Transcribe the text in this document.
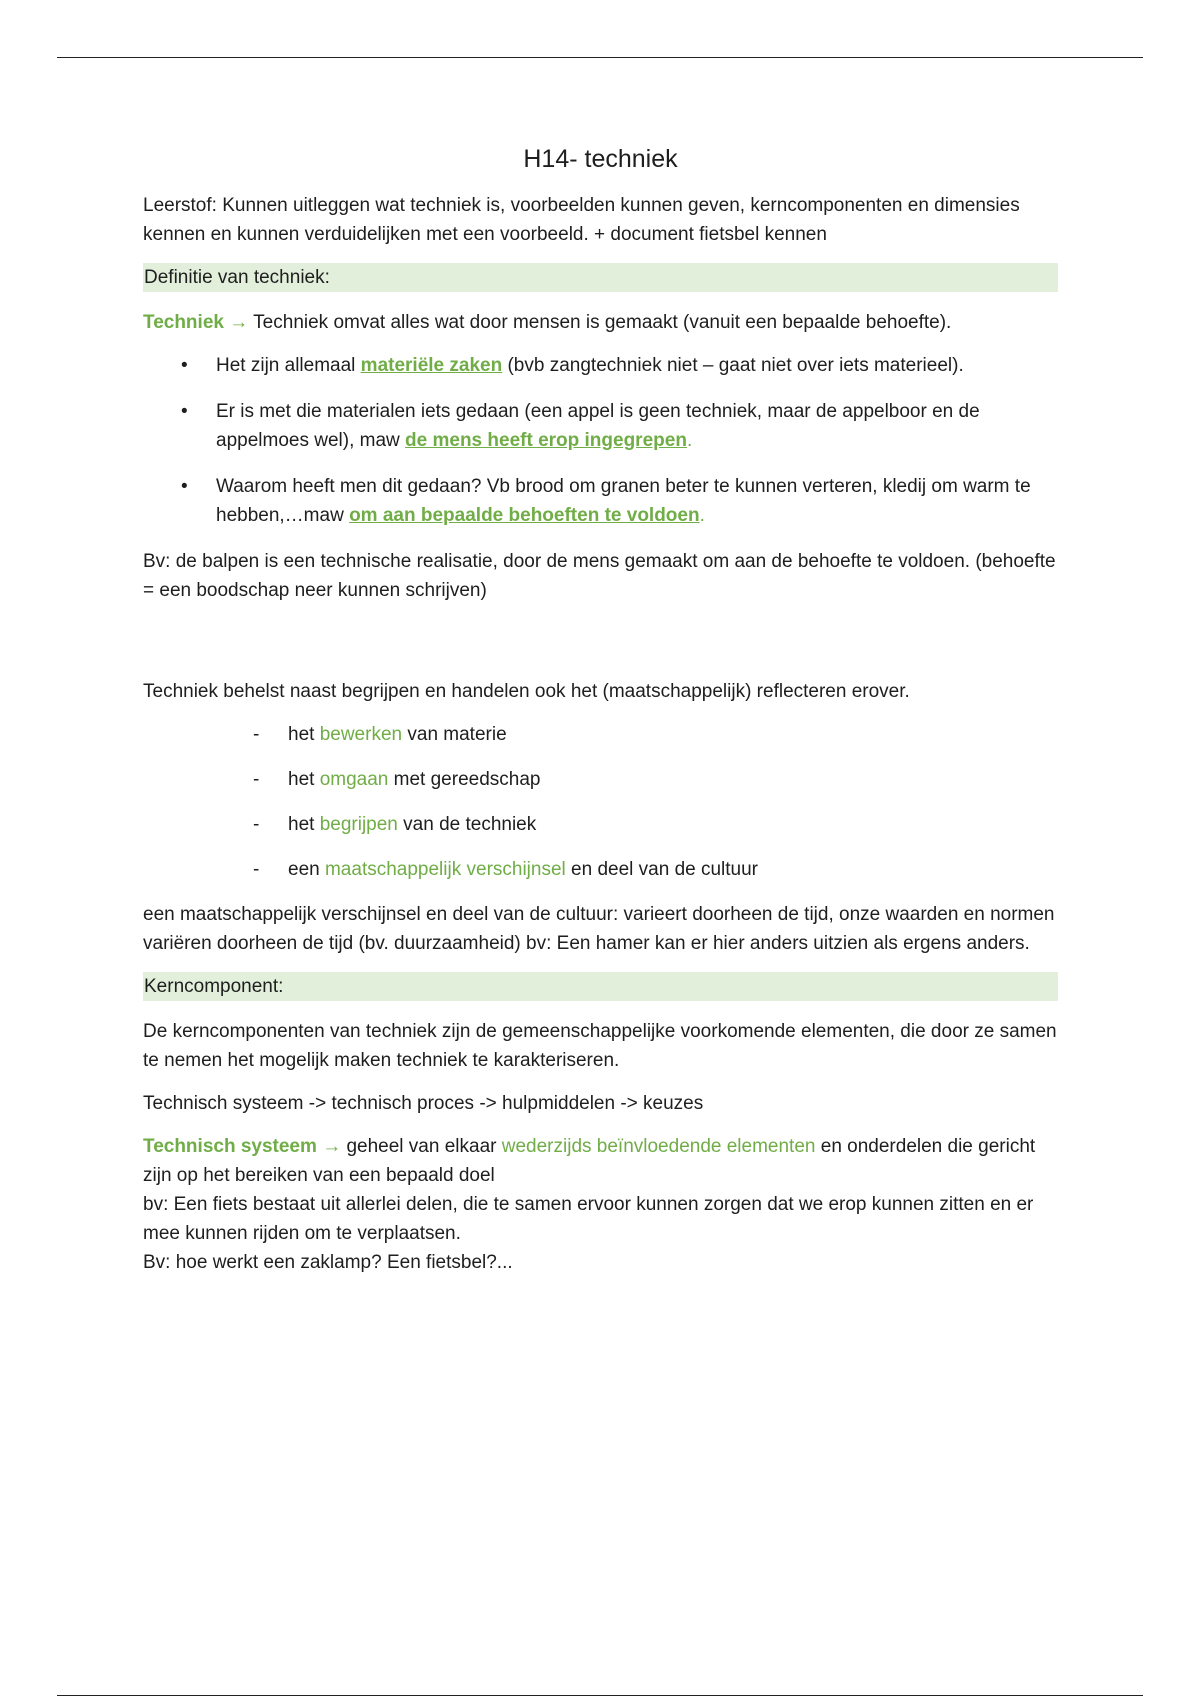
H14- techniek

Leerstof: Kunnen uitleggen wat techniek is, voorbeelden kunnen geven, kerncomponenten en dimensies kennen en kunnen verduidelijken met een voorbeeld. + document fietsbel kennen

Definitie van techniek:

Techniek → Techniek omvat alles wat door mensen is gemaakt (vanuit een bepaalde behoefte).

• Het zijn allemaal materiële zaken (bvb zangtechniek niet – gaat niet over iets materieel).
• Er is met die materialen iets gedaan (een appel is geen techniek, maar de appelboor en de appelmoes wel), maw de mens heeft erop ingegrepen.
• Waarom heeft men dit gedaan? Vb brood om granen beter te kunnen verteren, kledij om warm te hebben,…maw om aan bepaalde behoeften te voldoen.

Bv: de balpen is een technische realisatie, door de mens gemaakt om aan de behoefte te voldoen. (behoefte = een boodschap neer kunnen schrijven)

Techniek behelst naast begrijpen en handelen ook het (maatschappelijk) reflecteren erover.

- het bewerken van materie
- het omgaan met gereedschap
- het begrijpen van de techniek
- een maatschappelijk verschijnsel en deel van de cultuur

een maatschappelijk verschijnsel en deel van de cultuur: varieert doorheen de tijd, onze waarden en normen variëren doorheen de tijd (bv. duurzaamheid) bv: Een hamer kan er hier anders uitzien als ergens anders.

Kerncomponent:

De kerncomponenten van techniek zijn de gemeenschappelijke voorkomende elementen, die door ze samen te nemen het mogelijk maken techniek te karakteriseren.

Technisch systeem -> technisch proces -> hulpmiddelen -> keuzes

Technisch systeem → geheel van elkaar wederzijds beïnvloedende elementen en onderdelen die gericht zijn op het bereiken van een bepaald doel

bv: Een fiets bestaat uit allerlei delen, die te samen ervoor kunnen zorgen dat we erop kunnen zitten en er mee kunnen rijden om te verplaatsen.

Bv: hoe werkt een zaklamp? Een fietsbel?...
